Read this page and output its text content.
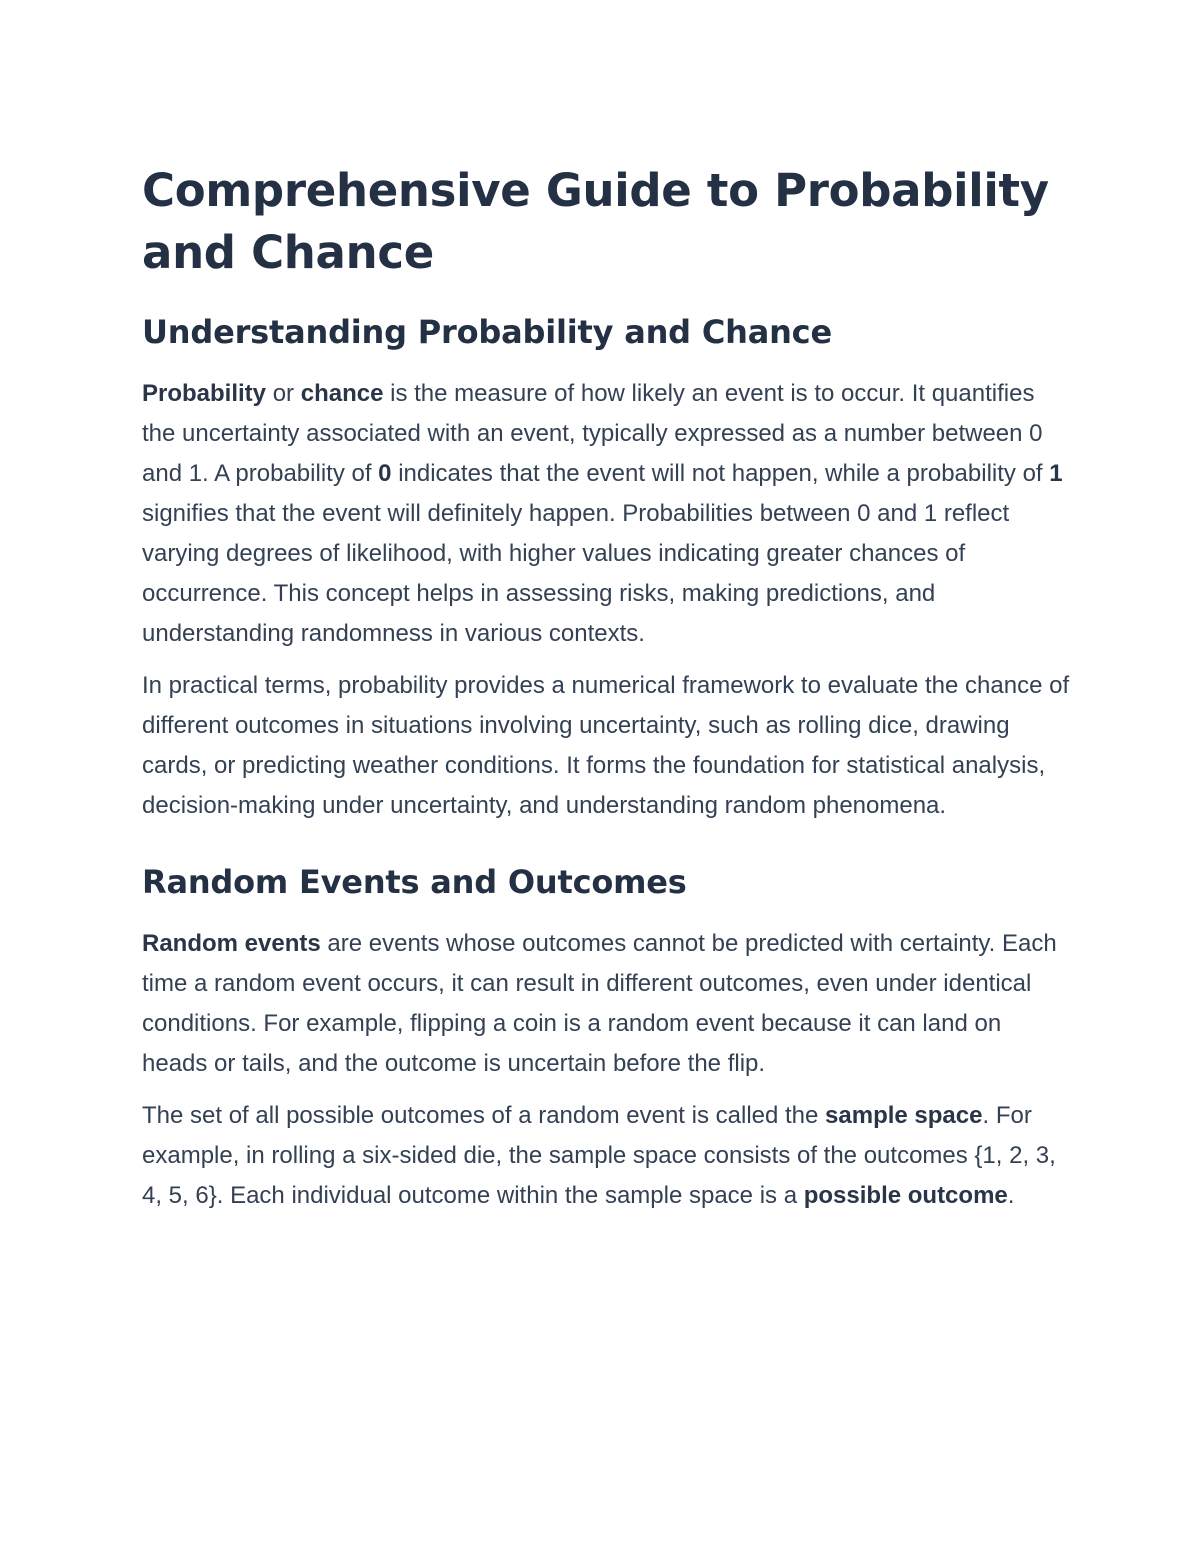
Comprehensive Guide to Probability and Chance
Understanding Probability and Chance

Probability or chance is the measure of how likely an event is to occur. It quantifies the uncertainty associated with an event, typically expressed as a number between 0 and 1. A probability of 0 indicates that the event will not happen, while a probability of 1 signifies that the event will definitely happen. Probabilities between 0 and 1 reflect varying degrees of likelihood, with higher values indicating greater chances of occurrence. This concept helps in assessing risks, making predictions, and understanding randomness in various contexts.

In practical terms, probability provides a numerical framework to evaluate the chance of different outcomes in situations involving uncertainty, such as rolling dice, drawing cards, or predicting weather conditions. It forms the foundation for statistical analysis, decision-making under uncertainty, and understanding random phenomena.

Random Events and Outcomes

Random events are events whose outcomes cannot be predicted with certainty. Each time a random event occurs, it can result in different outcomes, even under identical conditions. For example, flipping a coin is a random event because it can land on heads or tails, and the outcome is uncertain before the flip.

The set of all possible outcomes of a random event is called the sample space. For example, in rolling a six-sided die, the sample space consists of the outcomes {1, 2, 3, 4, 5, 6}. Each individual outcome within the sample space is a possible outcome.
